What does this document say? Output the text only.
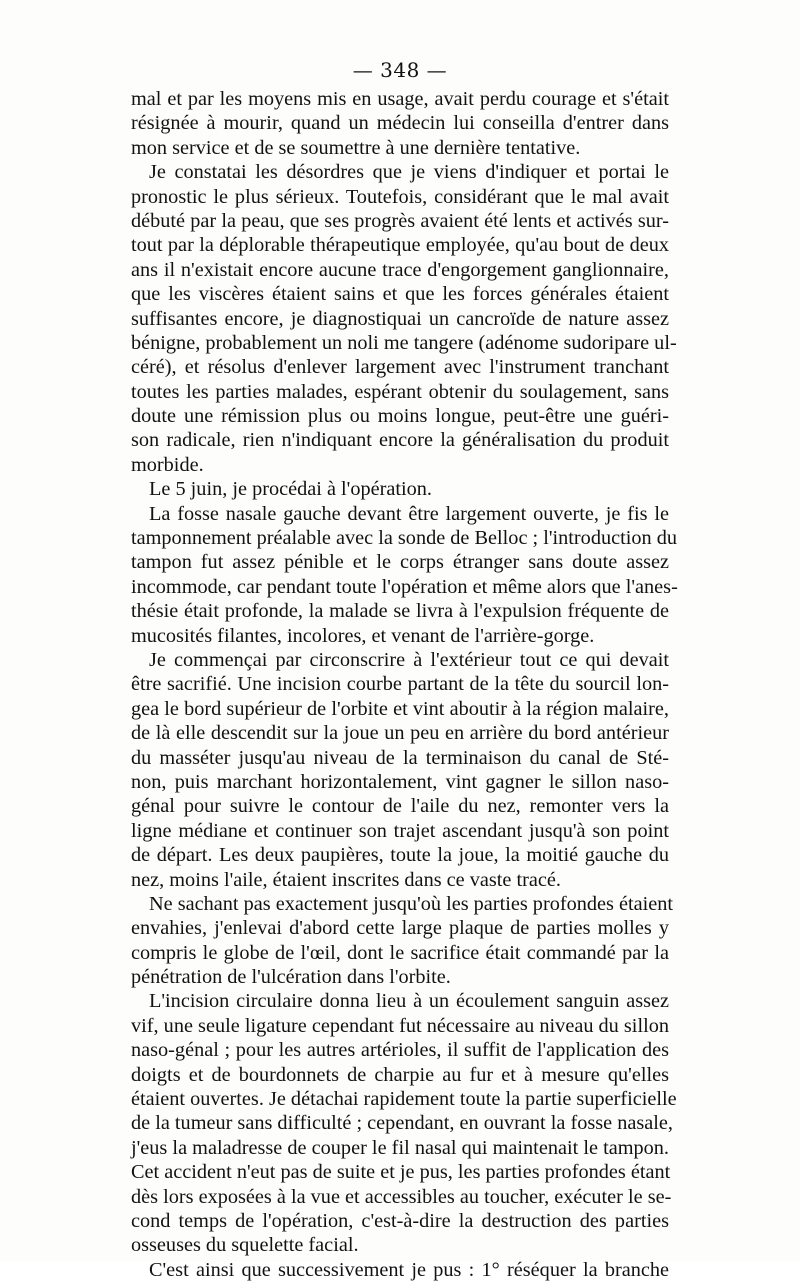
— 348 —
mal et par les moyens mis en usage, avait perdu courage et s'était
résignée à mourir, quand un médecin lui conseilla d'entrer dans
mon service et de se soumettre à une dernière tentative.
Je constatai les désordres que je viens d'indiquer et portai le
pronostic le plus sérieux. Toutefois, considérant que le mal avait
débuté par la peau, que ses progrès avaient été lents et activés sur-
tout par la déplorable thérapeutique employée, qu'au bout de deux
ans il n'existait encore aucune trace d'engorgement ganglionnaire,
que les viscères étaient sains et que les forces générales étaient
suffisantes encore, je diagnostiquai un cancroïde de nature assez
bénigne, probablement un noli me tangere (adénome sudoripare ul-
céré), et résolus d'enlever largement avec l'instrument tranchant
toutes les parties malades, espérant obtenir du soulagement, sans
doute une rémission plus ou moins longue, peut-être une guéri-
son radicale, rien n'indiquant encore la généralisation du produit
morbide.
Le 5 juin, je procédai à l'opération.
La fosse nasale gauche devant être largement ouverte, je fis le
tamponnement préalable avec la sonde de Belloc ; l'introduction du
tampon fut assez pénible et le corps étranger sans doute assez
incommode, car pendant toute l'opération et même alors que l'anes-
thésie était profonde, la malade se livra à l'expulsion fréquente de
mucosités filantes, incolores, et venant de l'arrière-gorge.
Je commençai par circonscrire à l'extérieur tout ce qui devait
être sacrifié. Une incision courbe partant de la tête du sourcil lon-
gea le bord supérieur de l'orbite et vint aboutir à la région malaire,
de là elle descendit sur la joue un peu en arrière du bord antérieur
du masséter jusqu'au niveau de la terminaison du canal de Sté-
non, puis marchant horizontalement, vint gagner le sillon naso-
génal pour suivre le contour de l'aile du nez, remonter vers la
ligne médiane et continuer son trajet ascendant jusqu'à son point
de départ. Les deux paupières, toute la joue, la moitié gauche du
nez, moins l'aile, étaient inscrites dans ce vaste tracé.
Ne sachant pas exactement jusqu'où les parties profondes étaient
envahies, j'enlevai d'abord cette large plaque de parties molles y
compris le globe de l'œil, dont le sacrifice était commandé par la
pénétration de l'ulcération dans l'orbite.
L'incision circulaire donna lieu à un écoulement sanguin assez
vif, une seule ligature cependant fut nécessaire au niveau du sillon
naso-génal ; pour les autres artérioles, il suffit de l'application des
doigts et de bourdonnets de charpie au fur et à mesure qu'elles
étaient ouvertes. Je détachai rapidement toute la partie superficielle
de la tumeur sans difficulté ; cependant, en ouvrant la fosse nasale,
j'eus la maladresse de couper le fil nasal qui maintenait le tampon.
Cet accident n'eut pas de suite et je pus, les parties profondes étant
dès lors exposées à la vue et accessibles au toucher, exécuter le se-
cond temps de l'opération, c'est-à-dire la destruction des parties
osseuses du squelette facial.
C'est ainsi que successivement je pus : 1° réséquer la branche
